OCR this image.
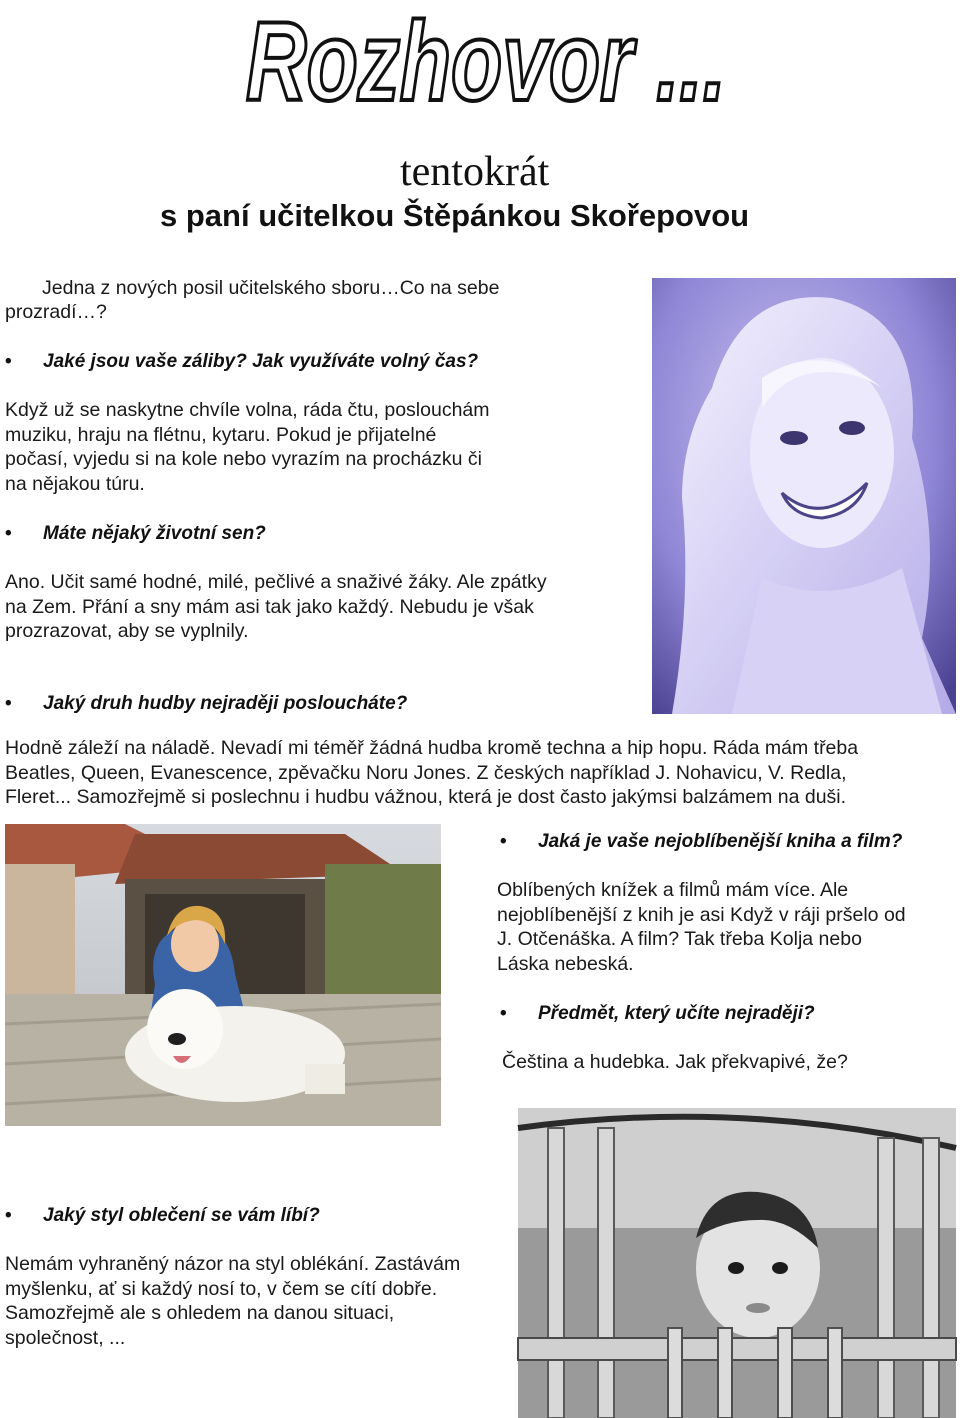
Rozhovor ...
tentokrát
s paní učitelkou Štěpánkou Skořepovou
Jedna z nových posil učitelského sboru…Co na sebe
prozradí…?
• Jaké jsou vaše záliby? Jak využíváte volný čas?

Když už se naskytne chvíle volna, ráda čtu, poslouchám

muziku, hraju na flétnu, kytaru. Pokud je přijatelné

počasí, vyjedu si na kole nebo vyrazím na procházku či

na nějakou túru.

• Máte nějaký životní sen?

Ano. Učit samé hodné, milé, pečlivé a snaživé žáky. Ale zpátky

na Zem. Přání a sny mám asi tak jako každý. Nebudu je však

prozrazovat, aby se vyplnily.

• Jaký druh hudby nejraději posloucháte?

Hodně záleží na náladě. Nevadí mi téměř žádná hudba kromě techna a hip hopu. Ráda mám třeba

Beatles, Queen, Evanescence, zpěvačku Noru Jones. Z českých například J. Nohavicu, V. Redla,

Fleret... Samozřejmě si poslechnu i hudbu vážnou, která je dost často jakýmsi balzámem na duši.

• Jaká je vaše nejoblíbenější kniha a film?

Oblíbených knížek a filmů mám více. Ale

nejoblíbenější z knih je asi Když v ráji pršelo od

J. Otčenáška. A film? Tak třeba Kolja nebo

Láska nebeská.

• Předmět, který učíte nejraději?
Čeština a hudebka. Jak překvapivé, že?
• Jaký styl oblečení se vám líbí?

Nemám vyhraněný názor na styl oblékání. Zastávám

myšlenku, ať si každý nosí to, v čem se cítí dobře.

Samozřejmě ale s ohledem na danou situaci,

společnost, ...
